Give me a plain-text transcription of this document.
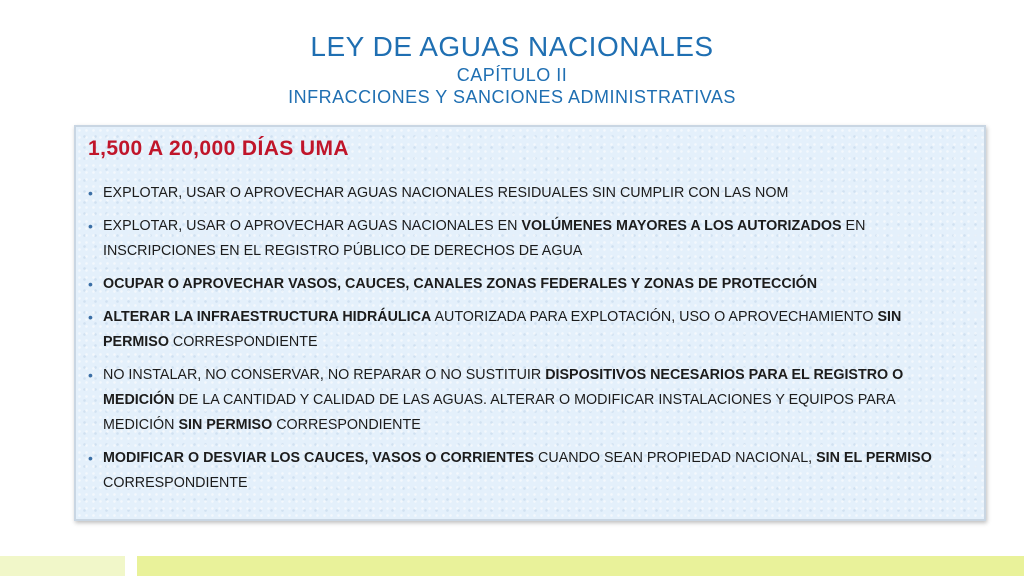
LEY DE AGUAS NACIONALES
CAPÍTULO II
INFRACCIONES Y SANCIONES ADMINISTRATIVAS
1,500 A 20,000 DÍAS UMA
• EXPLOTAR, USAR O APROVECHAR AGUAS NACIONALES RESIDUALES SIN CUMPLIR CON LAS NOM
• EXPLOTAR, USAR O APROVECHAR AGUAS NACIONALES EN VOLÚMENES MAYORES A LOS AUTORIZADOS EN INSCRIPCIONES EN EL REGISTRO PÚBLICO DE DERECHOS DE AGUA
• OCUPAR O APROVECHAR VASOS, CAUCES, CANALES ZONAS FEDERALES Y ZONAS DE PROTECCIÓN
• ALTERAR LA INFRAESTRUCTURA HIDRÁULICA AUTORIZADA PARA EXPLOTACIÓN, USO O APROVECHAMIENTO SIN PERMISO CORRESPONDIENTE
• NO INSTALAR, NO CONSERVAR, NO REPARAR O NO SUSTITUIR DISPOSITIVOS NECESARIOS PARA EL REGISTRO O MEDICIÓN DE LA CANTIDAD Y CALIDAD DE LAS AGUAS. ALTERAR O MODIFICAR INSTALACIONES Y EQUIPOS PARA MEDICIÓN SIN PERMISO CORRESPONDIENTE
• MODIFICAR O DESVIAR LOS CAUCES, VASOS O CORRIENTES CUANDO SEAN PROPIEDAD NACIONAL, SIN EL PERMISO CORRESPONDIENTE
